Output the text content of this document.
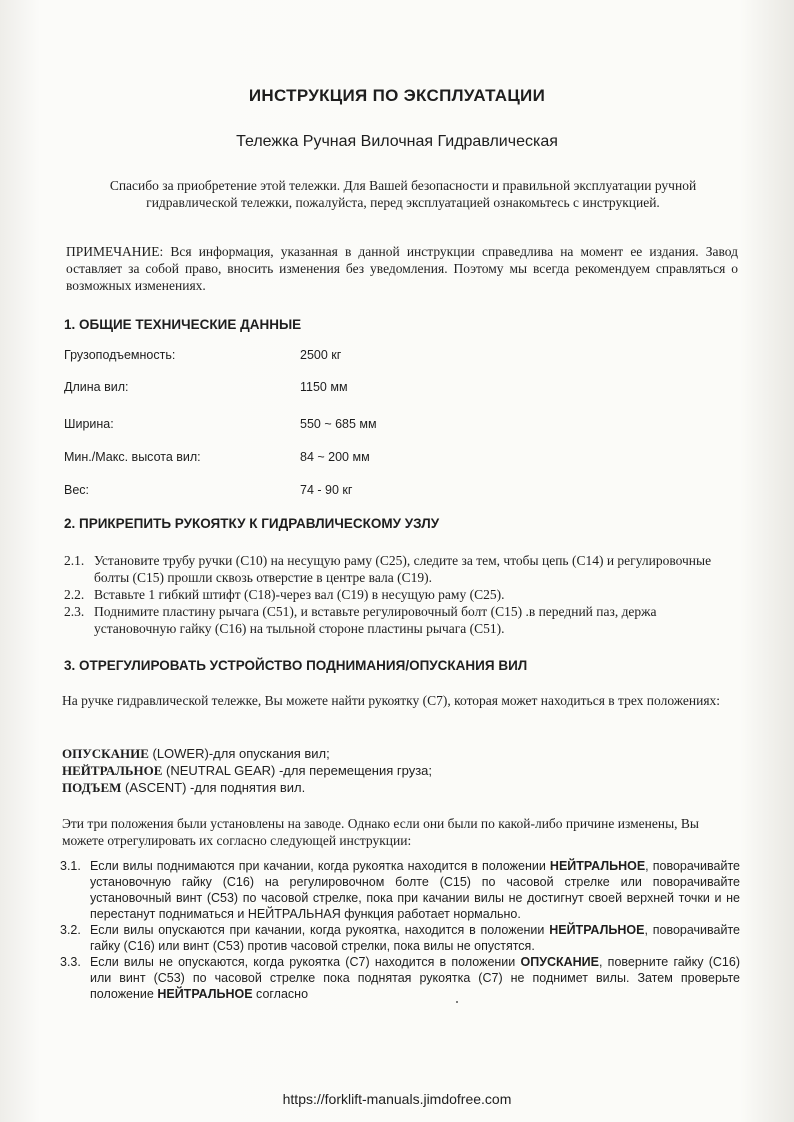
ИНСТРУКЦИЯ ПО ЭКСПЛУАТАЦИИ
Тележка Ручная Вилочная Гидравлическая
Спасибо за приобретение этой тележки. Для Вашей безопасности и правильной эксплуатации ручной гидравлической тележки, пожалуйста, перед эксплуатацией ознакомьтесь с инструкцией.
ПРИМЕЧАНИЕ: Вся информация, указанная в данной инструкции справедлива на момент ее издания. Завод оставляет за собой право, вносить изменения без уведомления. Поэтому мы всегда рекомендуем справляться о возможных изменениях.
1. ОБЩИЕ ТЕХНИЧЕСКИЕ ДАННЫЕ
Грузоподъемность:	2500 кг
Длина вил:	1150 мм
Ширина:	550 ~ 685 мм
Мин./Макс. высота вил:	84 ~ 200 мм
Вес:	74 - 90 кг
2. ПРИКРЕПИТЬ РУКОЯТКУ К ГИДРАВЛИЧЕСКОМУ УЗЛУ

2.1. Установите трубу ручки (С10) на несущую раму (С25), следите за тем, чтобы цепь (С14) и регулировочные болты (С15) прошли сквозь отверстие в центре вала (С19).

2.2. Вставьте 1 гибкий штифт (С18)-через вал (С19) в несущую раму (С25).

2.3. Поднимите пластину рычага (С51), и вставьте регулировочный болт (С15) .в передний паз, держа установочную гайку (С16) на тыльной стороне пластины рычага (С51).

3. ОТРЕГУЛИРОВАТЬ УСТРОЙСТВО ПОДНИМАНИЯ/ОПУСКАНИЯ ВИЛ
На ручке гидравлической тележке, Вы можете найти рукоятку (С7), которая может находиться в трех положениях:
ОПУСКАНИЕ (LOWER)-для опускания вил;
НЕЙТРАЛЬНОЕ (NEUTRAL GEAR) -для перемещения груза;
ПОДЪЕМ (ASCENT) -для поднятия вил.
Эти три положения были установлены на заводе. Однако если они были по какой-либо причине изменены, Вы можете отрегулировать их согласно следующей инструкции:

3.1. Если вилы поднимаются при качании, когда рукоятка находится в положении НЕЙТРАЛЬНОЕ, поворачивайте установочную гайку (С16) на регулировочном болте (С15) по часовой стрелке или поворачивайте установочный винт (С53) по часовой стрелке, пока при качании вилы не достигнут своей верхней точки и не перестанут подниматься и НЕЙТРАЛЬНАЯ функция работает нормально.

3.2. Если вилы опускаются при качании, когда рукоятка, находится в положении НЕЙТРАЛЬНОЕ, поворачивайте гайку (С16) или винт (С53) против часовой стрелки, пока вилы не опустятся.

3.3. Если вилы не опускаются, когда рукоятка (С7) находится в положении ОПУСКАНИЕ, поверните гайку (С16) или винт (С53) по часовой стрелке пока поднятая рукоятка (С7) не поднимет вилы. Затем проверьте положение НЕЙТРАЛЬНОЕ согласно

https://forklift-manuals.jimdofree.com
